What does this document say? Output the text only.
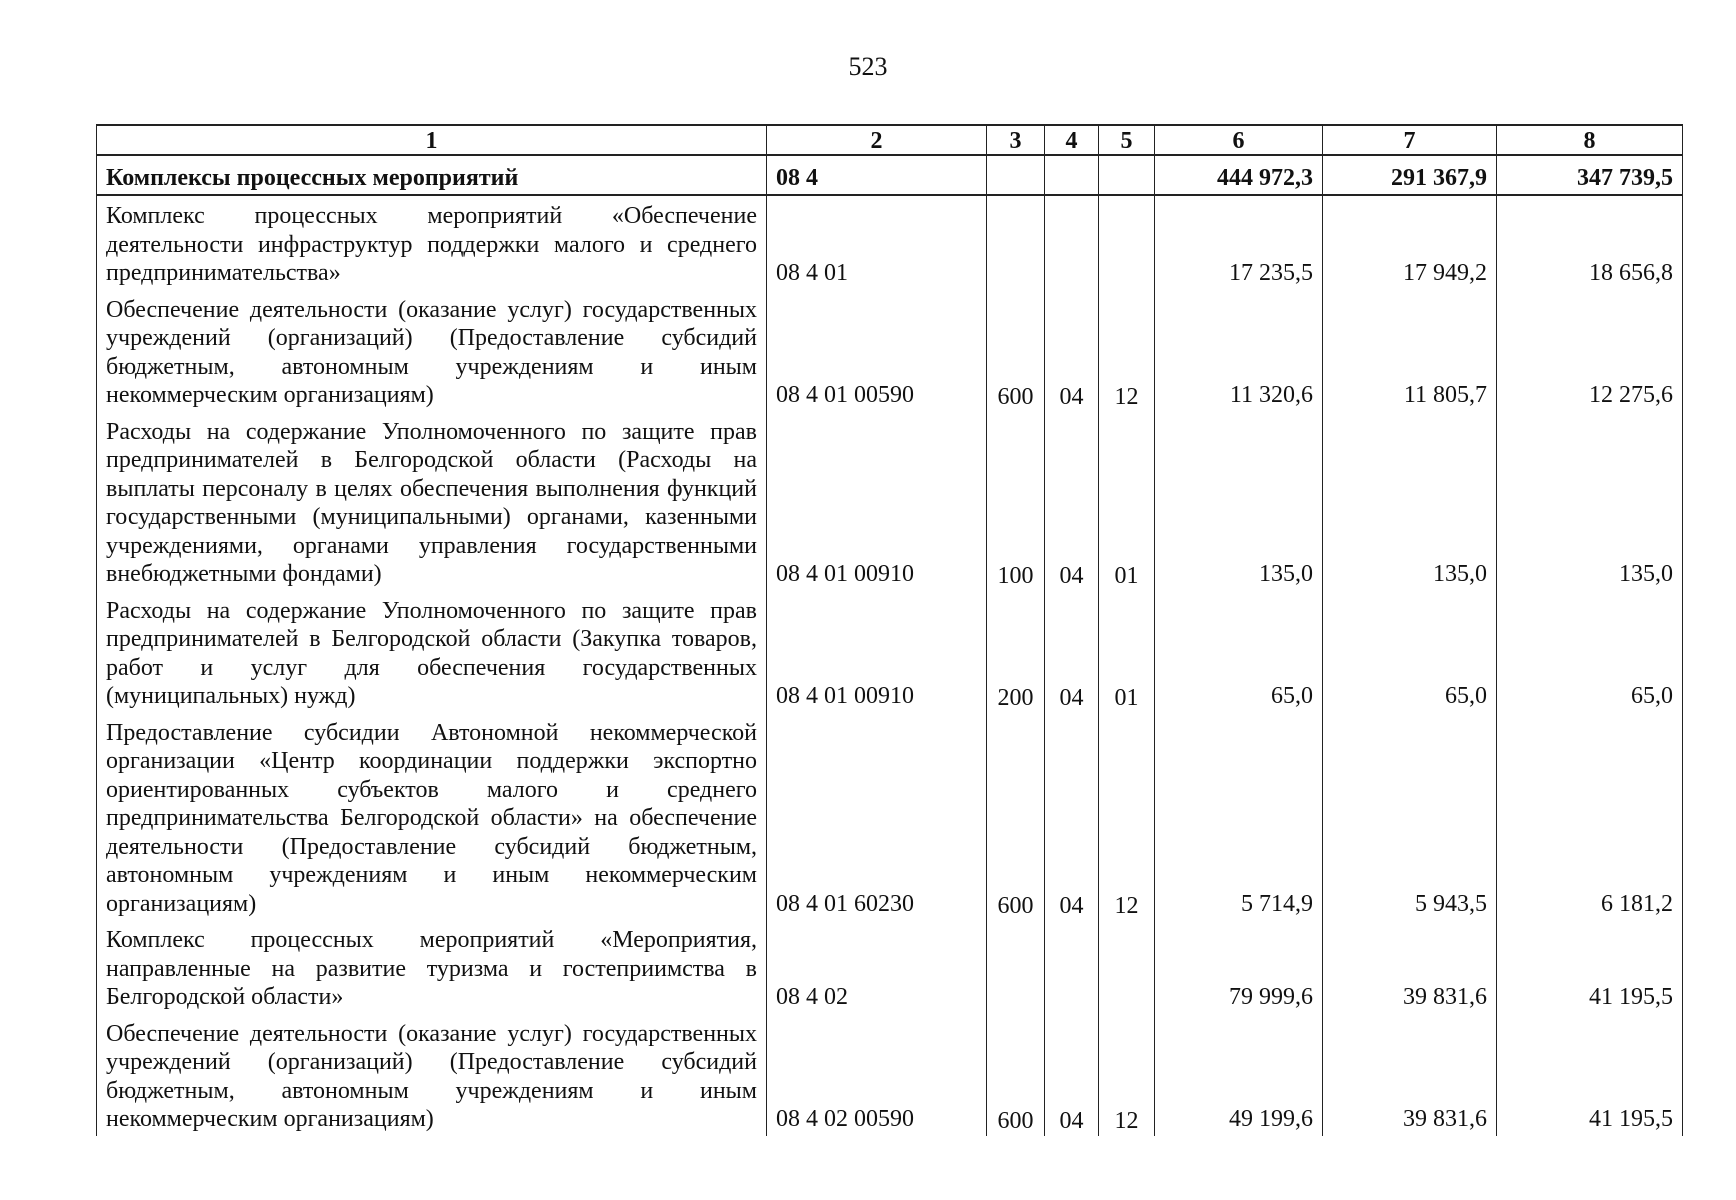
523
1	2	3	4	5	6	7	8
Комплексы процессных мероприятий	08 4				444 972,3	291 367,9	347 739,5
Комплекс процессных мероприятий «Обеспечение деятельности инфраструктур поддержки малого и среднего предпринимательства»	08 4 01				17 235,5	17 949,2	18 656,8
Обеспечение деятельности (оказание услуг) государственных учреждений (организаций) (Предоставление субсидий бюджетным, автономным учреждениям и иным некоммерческим организациям)	08 4 01 00590	600	04	12	11 320,6	11 805,7	12 275,6
Расходы на содержание Уполномоченного по защите прав предпринимателей в Белгородской области (Расходы на выплаты персоналу в целях обеспечения выполнения функций государственными (муниципальными) органами, казенными учреждениями, органами управления государственными внебюджетными фондами)	08 4 01 00910	100	04	01	135,0	135,0	135,0
Расходы на содержание Уполномоченного по защите прав предпринимателей в Белгородской области (Закупка товаров, работ и услуг для обеспечения государственных (муниципальных) нужд)	08 4 01 00910	200	04	01	65,0	65,0	65,0
Предоставление субсидии Автономной некоммерческой организации «Центр координации поддержки экспортно ориентированных субъектов малого и среднего предпринимательства Белгородской области» на обеспечение деятельности (Предоставление субсидий бюджетным, автономным учреждениям и иным некоммерческим организациям)	08 4 01 60230	600	04	12	5 714,9	5 943,5	6 181,2
Комплекс процессных мероприятий «Мероприятия, направленные на развитие туризма и гостеприимства в Белгородской области»	08 4 02				79 999,6	39 831,6	41 195,5
Обеспечение деятельности (оказание услуг) государственных учреждений (организаций) (Предоставление субсидий бюджетным, автономным учреждениям и иным некоммерческим организациям)	08 4 02 00590	600	04	12	49 199,6	39 831,6	41 195,5
